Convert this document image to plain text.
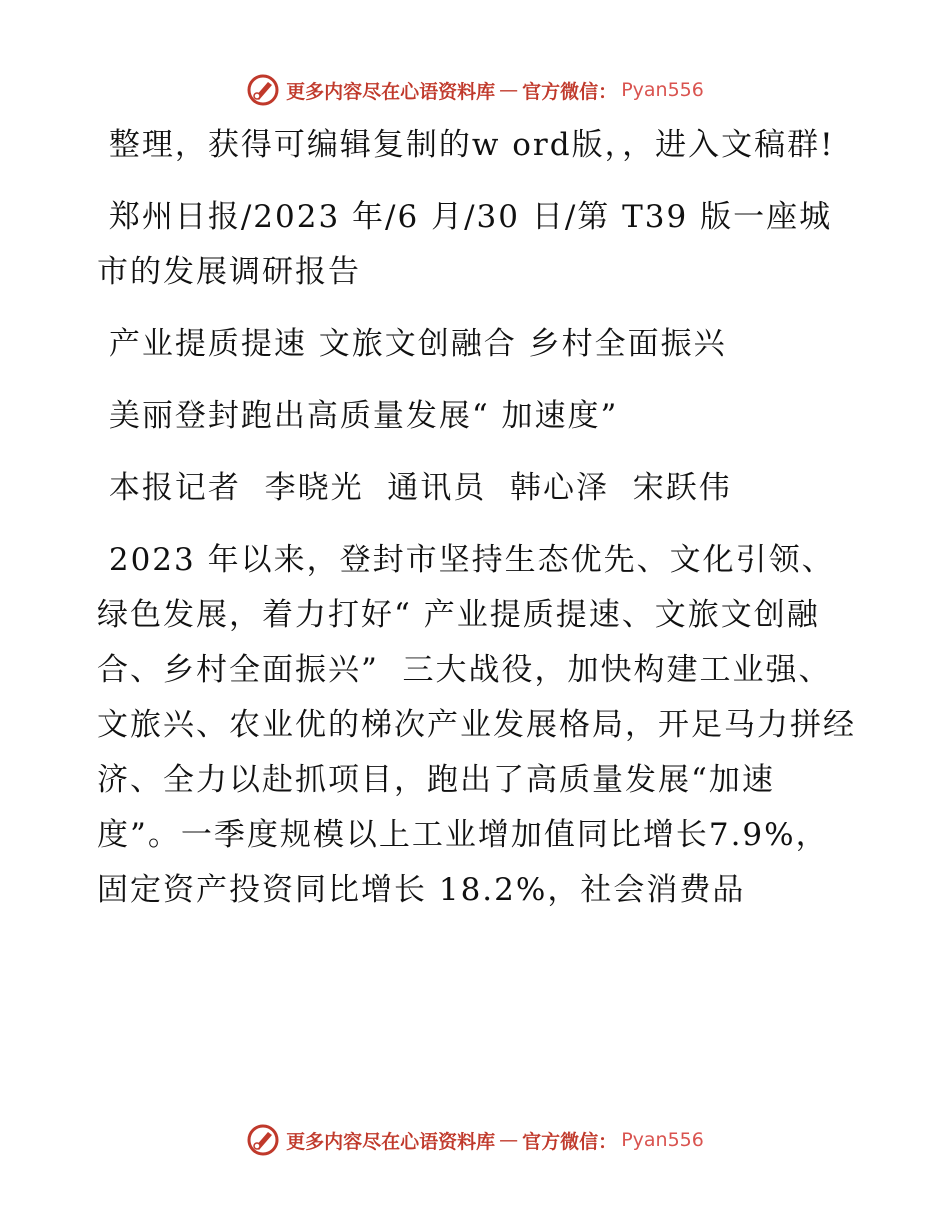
更多内容尽在心语资料库 — 官方微信： Pyan556

整理，获得可编辑复制的w ord版，，进入文稿群!

郑州日报/2023 年/6 月/30 日/第 T39 版一座城市的发展调研报告

产业提质提速 文旅文创融合 乡村全面振兴

美丽登封跑出高质量发展“ 加速度”

本报记者  李晓光  通讯员  韩心泽  宋跃伟

2023 年以来，登封市坚持生态优先、文化引领、绿色发展，着力打好“ 产业提质提速、文旅文创融合、乡村全面振兴”  三大战役，加快构建工业强、文旅兴、农业优的梯次产业发展格局，开足马力拼经济、全力以赴抓项目，跑出了高质量发展“加速度”。一季度规模以上工业增加值同比增长7.9%，固定资产投资同比增长 18.2%，社会消费品

更多内容尽在心语资料库 — 官方微信： Pyan556
